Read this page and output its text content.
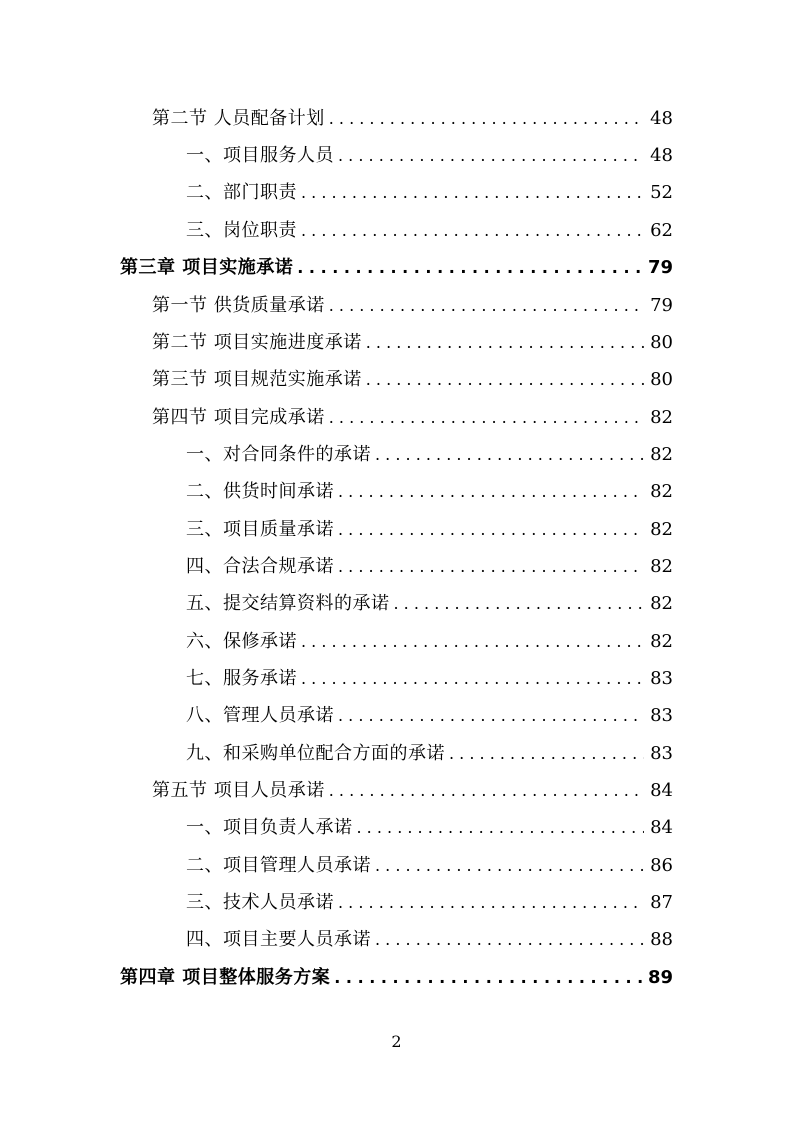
第二节 人员配备计划 . . .	48
一、项目服务人员 . . .	48
二、部门职责 . . .	52
三、岗位职责 . . .	62
第三章 项目实施承诺 . . .	79
第一节 供货质量承诺 . . .	79
第二节 项目实施进度承诺 . . .	80
第三节 项目规范实施承诺 . . .	80
第四节 项目完成承诺 . . .	82
一、对合同条件的承诺 . . .	82
二、供货时间承诺 . . .	82
三、项目质量承诺 . . .	82
四、合法合规承诺 . . .	82
五、提交结算资料的承诺 . . .	82
六、保修承诺 . . .	82
七、服务承诺 . . .	83
八、管理人员承诺 . . .	83
九、和采购单位配合方面的承诺 . . .	83
第五节 项目人员承诺 . . .	84
一、项目负责人承诺 . . .	84
二、项目管理人员承诺 . . .	86
三、技术人员承诺 . . .	87
四、项目主要人员承诺 . . .	88
第四章 项目整体服务方案 . . .	89
2
